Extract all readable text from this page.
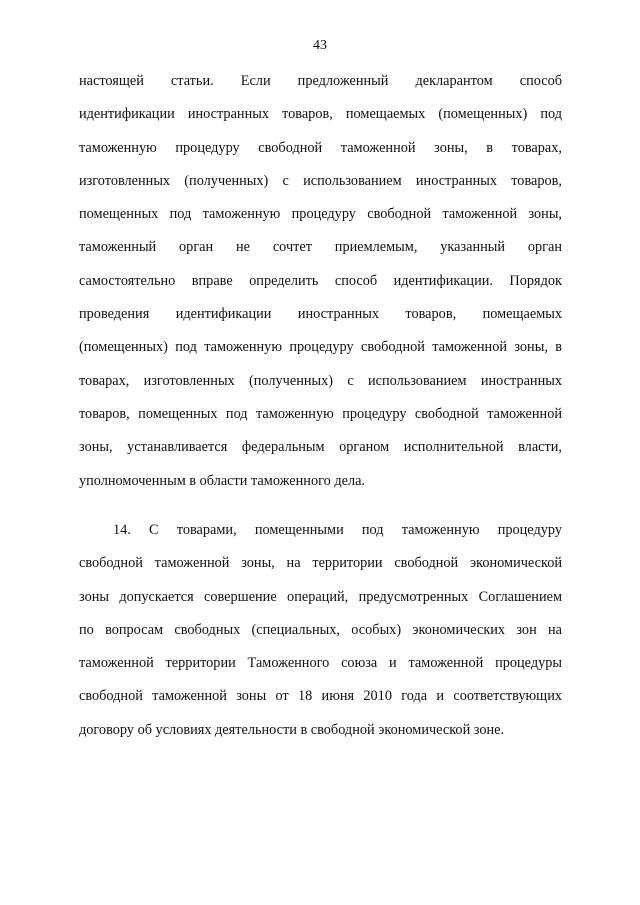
43
настоящей статьи. Если предложенный декларантом способ
идентификации иностранных товаров, помещаемых (помещенных) под
таможенную процедуру свободной таможенной зоны, в товарах,
изготовленных (полученных) с использованием иностранных товаров,
помещенных под таможенную процедуру свободной таможенной зоны,
таможенный орган не сочтет приемлемым, указанный орган
самостоятельно вправе определить способ идентификации. Порядок
проведения идентификации иностранных товаров, помещаемых
(помещенных) под таможенную процедуру свободной таможенной зоны, в
товарах, изготовленных (полученных) с использованием иностранных
товаров, помещенных под таможенную процедуру свободной таможенной
зоны, устанавливается федеральным органом исполнительной власти,
уполномоченным в области таможенного дела.
14. С товарами, помещенными под таможенную процедуру
свободной таможенной зоны, на территории свободной экономической
зоны допускается совершение операций, предусмотренных Соглашением
по вопросам свободных (специальных, особых) экономических зон на
таможенной территории Таможенного союза и таможенной процедуры
свободной таможенной зоны от 18 июня 2010 года и соответствующих
договору об условиях деятельности в свободной экономической зоне.
